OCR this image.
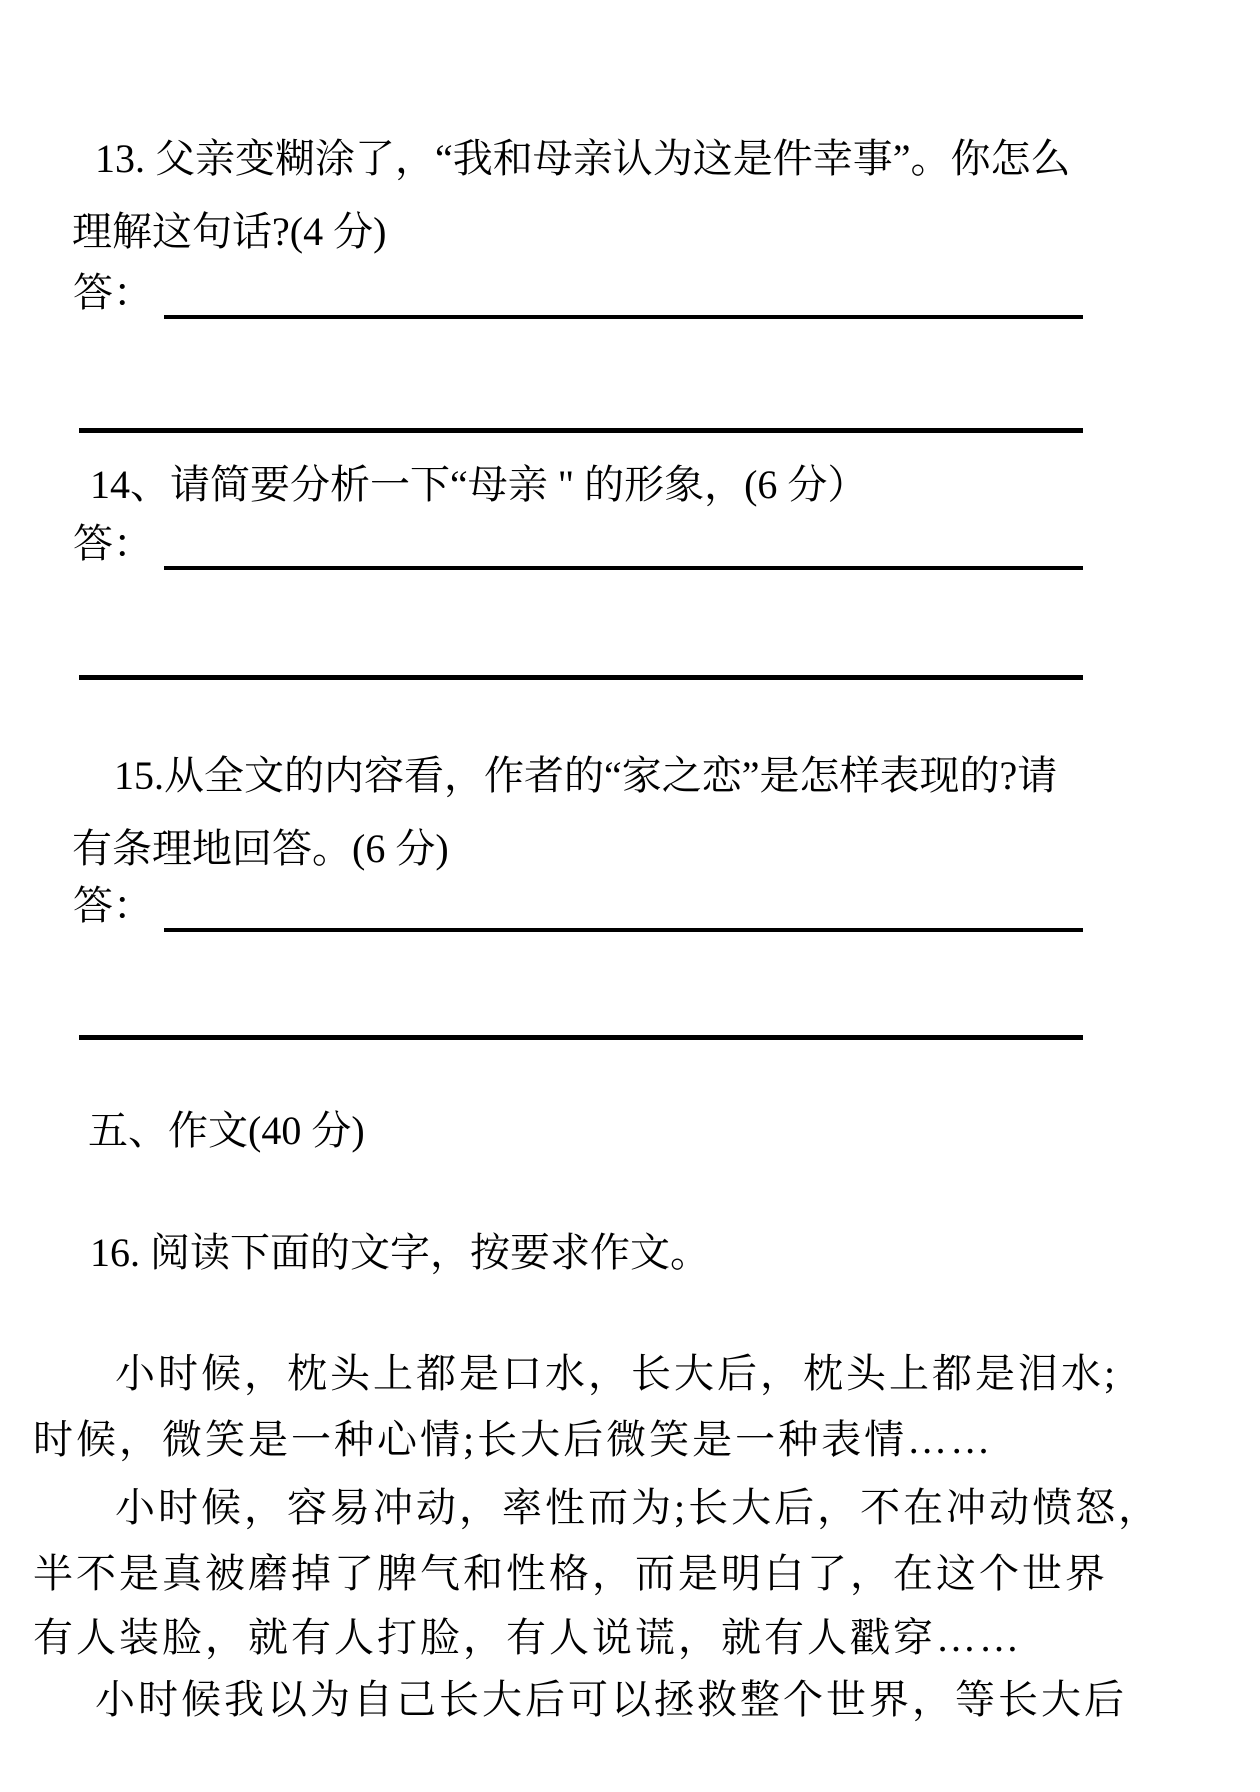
13. 父亲变糊涂了，“我和母亲认为这是件幸事”。你怎么
理解这句话?(4 分)
答：
14、请简要分析一下“母亲 " 的形象，(6 分）
答：
15.从全文的内容看，作者的“家之恋”是怎样表现的?请
有条理地回答。(6 分)
答：
五、作文(40 分)
16. 阅读下面的文字，按要求作文。
小时候，枕头上都是口水，长大后，枕头上都是泪水;
时候，微笑是一种心情;长大后微笑是一种表情……
小时候，容易冲动，率性而为;长大后，不在冲动愤怒，
半不是真被磨掉了脾气和性格，而是明白了，在这个世界
有人装脸，就有人打脸，有人说谎，就有人戳穿……
小时候我以为自己长大后可以拯救整个世界，等长大后
